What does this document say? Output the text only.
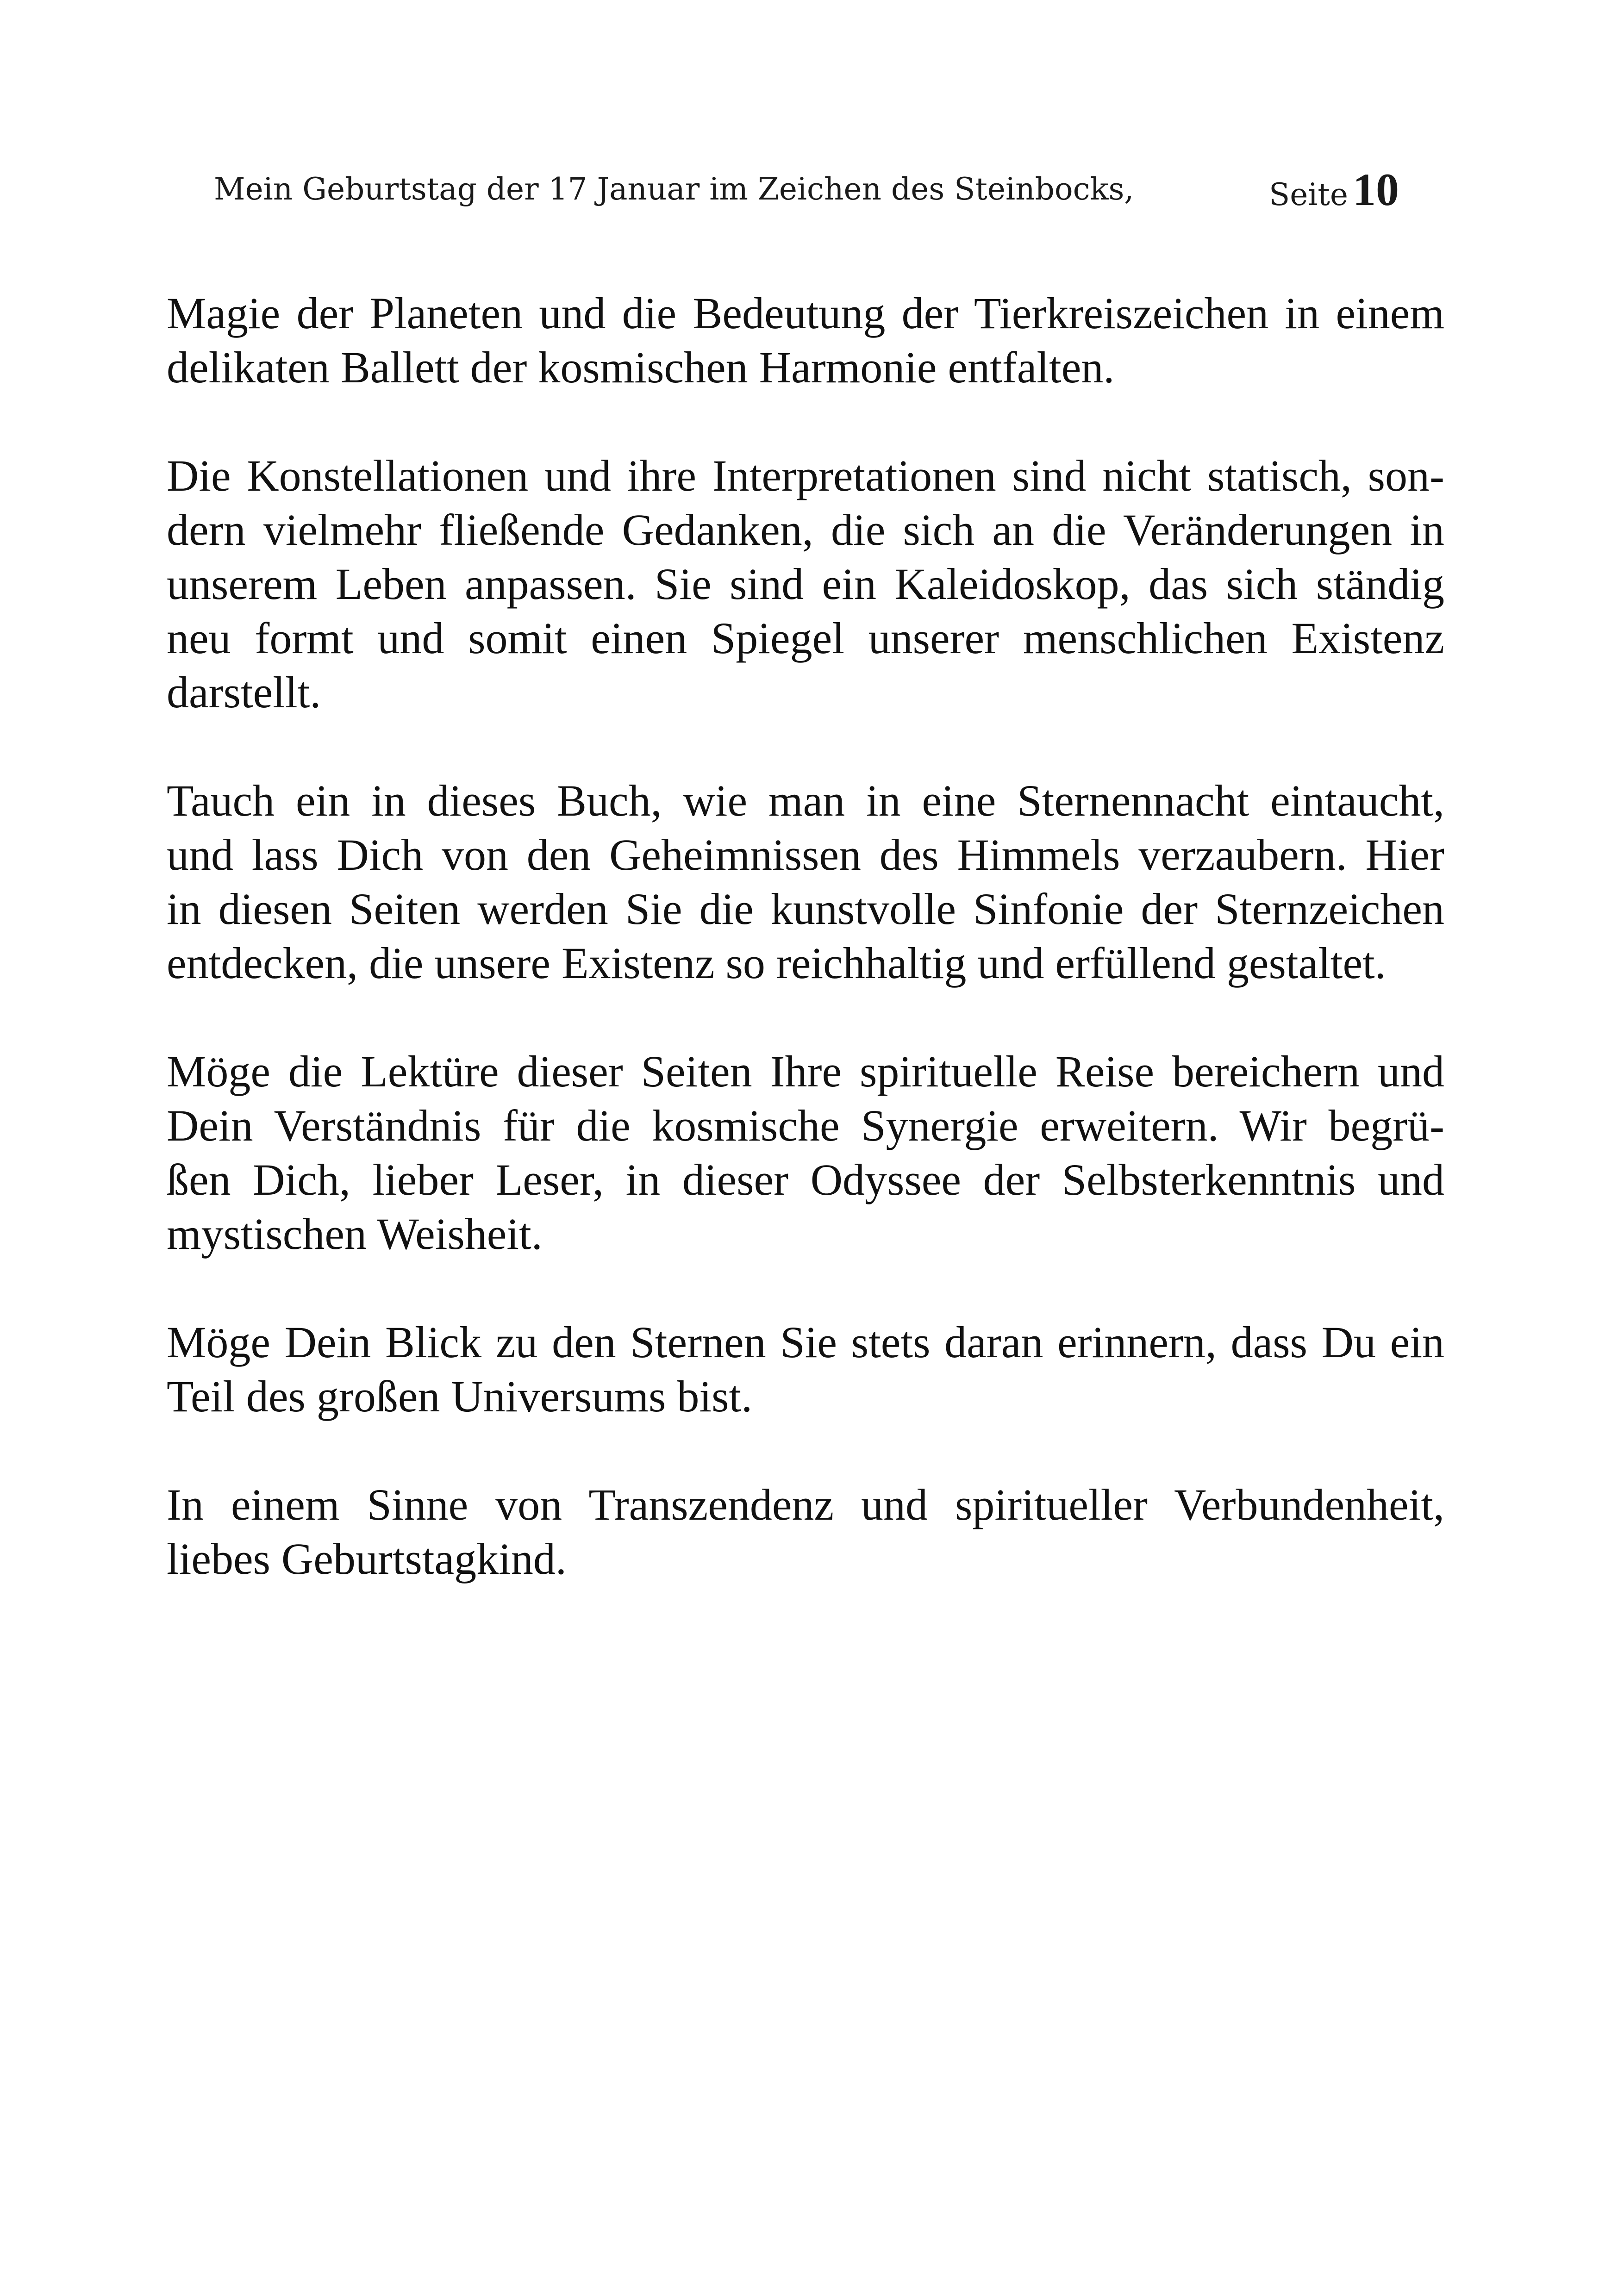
Mein Geburtstag der 17 Januar im Zeichen des Steinbocks,	Seite 10

Magie der Planeten und die Bedeutung der Tierkreiszeichen in einem
delikaten Ballett der kosmischen Harmonie entfalten.

Die Konstellationen und ihre Interpretationen sind nicht statisch, son-
dern vielmehr fließende Gedanken, die sich an die Veränderungen in
unserem Leben anpassen. Sie sind ein Kaleidoskop, das sich ständig
neu formt und somit einen Spiegel unserer menschlichen Existenz
darstellt.

Tauch ein in dieses Buch, wie man in eine Sternennacht eintaucht,
und lass Dich von den Geheimnissen des Himmels verzaubern. Hier
in diesen Seiten werden Sie die kunstvolle Sinfonie der Sternzeichen
entdecken, die unsere Existenz so reichhaltig und erfüllend gestaltet.

Möge die Lektüre dieser Seiten Ihre spirituelle Reise bereichern und
Dein Verständnis für die kosmische Synergie erweitern. Wir begrü-
ßen Dich, lieber Leser, in dieser Odyssee der Selbsterkenntnis und
mystischen Weisheit.

Möge Dein Blick zu den Sternen Sie stets daran erinnern, dass Du ein
Teil des großen Universums bist.

In einem Sinne von Transzendenz und spiritueller Verbundenheit,
liebes Geburtstagkind.
